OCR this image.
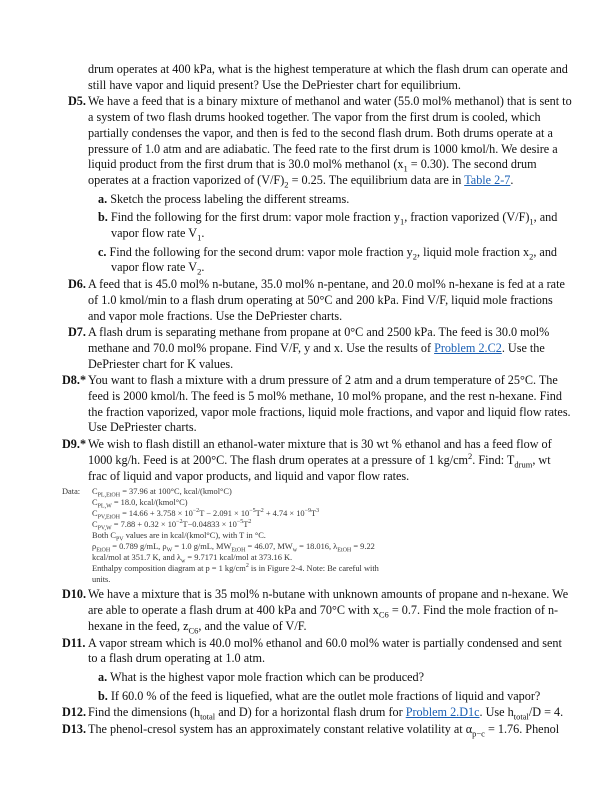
drum operates at 400 kPa, what is the highest temperature at which the flash drum can operate and
still have vapor and liquid present? Use the DePriester chart for equilibrium.
D5. We have a feed that is a binary mixture of methanol and water (55.0 mol% methanol) that is sent to a system of two flash drums hooked together. The vapor from the first drum is cooled, which partially condenses the vapor, and then is fed to the second flash drum. Both drums operate at a pressure of 1.0 atm and are adiabatic. The feed rate to the first drum is 1000 kmol/h. We desire a liquid product from the first drum that is 30.0 mol% methanol $(x_1 = 0.30)$. The second drum operates at a fraction vaporized of $(V/F)_2 = 0.25$. The equilibrium data are in Table 2-7.
a. Sketch the process labeling the different streams.
b. Find the following for the first drum: vapor mole fraction $y_1$, fraction vaporized $(V/F)_1$, and vapor flow rate $V_1$.
c. Find the following for the second drum: vapor mole fraction $y_2$, liquid mole fraction $x_2$, and vapor flow rate $V_2$.
D6. A feed that is 45.0 mol% n-butane, 35.0 mol% n-pentane, and 20.0 mol% n-hexane is fed at a rate of 1.0 kmol/min to a flash drum operating at 50°C and 200 kPa. Find V/F, liquid mole fractions and vapor mole fractions. Use the DePriester charts.
D7. A flash drum is separating methane from propane at 0°C and 2500 kPa. The feed is 30.0 mol% methane and 70.0 mol% propane. Find V/F, y and x. Use the results of Problem 2.C2. Use the DePriester chart for K values.
D8.* You want to flash a mixture with a drum pressure of 2 atm and a drum temperature of 25°C. The feed is 2000 kmol/h. The feed is 5 mol% methane, 10 mol% propane, and the rest n-hexane. Find the fraction vaporized, vapor mole fractions, liquid mole fractions, and vapor and liquid flow rates. Use DePriester charts.
D9.* We wish to flash distill an ethanol-water mixture that is 30 wt % ethanol and has a feed flow of 1000 kg/h. Feed is at 200°C. The flash drum operates at a pressure of 1 $kg/cm^2$. Find: $T_{drum}$, wt frac of liquid and vapor products, and liquid and vapor flow rates.
Data: $C_{PL,EtOH} = 37.96$ at 100°C, kcal/(kmol°C)
$C_{PL,W} = 18.0$, kcal/(kmol°C)
$C_{PV,EtOH} = 14.66 + 3.758 \times 10^{-2}T - 2.091 \times 10^{-5}T^2 + 4.74 \times 10^{-9}T^3$
$C_{PV,W} = 7.88 + 0.32 \times 10^{-2}T-0.04833 \times 10^{-5}T^2$
Both $C_{PV}$ values are in kcal/(kmol°C), with T in °C.
$\rho_{EtOH} = 0.789$ g/mL, $\rho_W = 1.0$ g/mL, $MW_{EtOH} = 46.07$, $MW_w = 18.016$, $\lambda_{EtOH} = 9.22$
kcal/mol at 351.7 K, and $\lambda_w = 9.7171$ kcal/mol at 373.16 K.
Enthalpy composition diagram at p = 1 $kg/cm^2$ is in Figure 2-4. Note: Be careful with
units.
D10. We have a mixture that is 35 mol% n-butane with unknown amounts of propane and n-hexane. We are able to operate a flash drum at 400 kPa and 70°C with $x_{C6} = 0.7$. Find the mole fraction of n-hexane in the feed, $z_{C6}$, and the value of V/F.
D11. A vapor stream which is 40.0 mol% ethanol and 60.0 mol% water is partially condensed and sent to a flash drum operating at 1.0 atm.
a. What is the highest vapor mole fraction which can be produced?
b. If 60.0 % of the feed is liquefied, what are the outlet mole fractions of liquid and vapor?
D12. Find the dimensions ($h_{total}$ and D) for a horizontal flash drum for Problem 2.D1c. Use $h_{total}/D = 4$.
D13. The phenol-cresol system has an approximately constant relative volatility at $\alpha_{p-c} = 1.76$. Phenol
